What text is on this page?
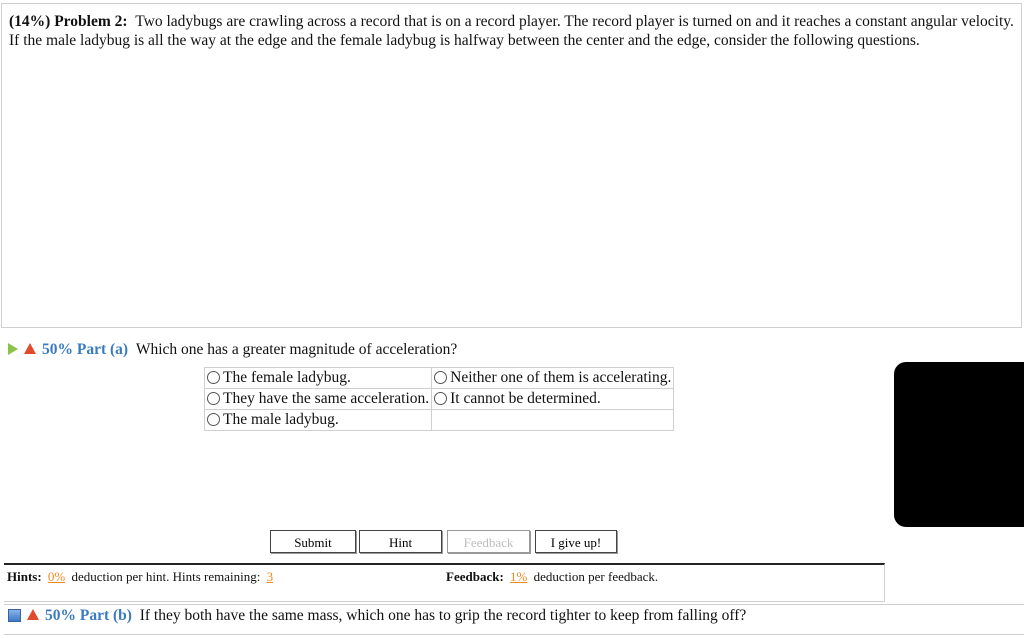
(14%) Problem 2: Two ladybugs are crawling across a record that is on a record player. The record player is turned on and it reaches a constant angular velocity. If the male ladybug is all the way at the edge and the female ladybug is halfway between the center and the edge, consider the following questions.
50% Part (a) Which one has a greater magnitude of acceleration?
The female ladybug.	Neither one of them is accelerating.
They have the same acceleration.	It cannot be determined.
The male ladybug.	
Submit	Hint	Feedback	I give up!
Hints: 0% deduction per hint. Hints remaining: 3	Feedback: 1% deduction per feedback.
50% Part (b) If they both have the same mass, which one has to grip the record tighter to keep from falling off?
